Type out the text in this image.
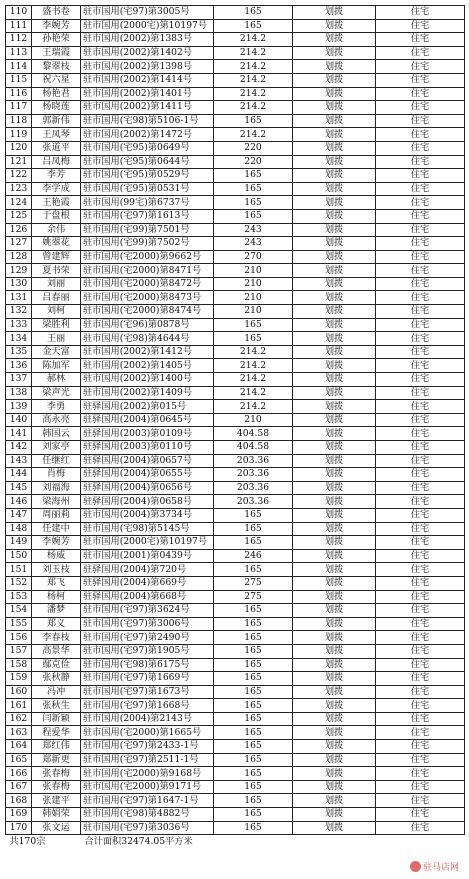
110	盛书卷	驻市国用(宅97)第3005号	165	划拨	住宅
111	李婉芳	驻市国用(2000宅)第10197号	165	划拨	住宅
112	孙艳荣	驻市国用(2002)第1383号	214.2	划拨	住宅
113	王瑞霞	驻市国用(2002)第1402号	214.2	划拨	住宅
114	黎翠枝	驻市国用(2002)第1398号	214.2	划拨	住宅
115	祝六星	驻市国用(2002)第1414号	214.2	划拨	住宅
116	杨艳君	驻市国用(2002)第1401号	214.2	划拨	住宅
117	杨晓莲	驻市国用(2002)第1411号	214.2	划拨	住宅
118	郭新伟	驻市国用(宅98)第5106-1号	165	划拨	住宅
119	王凤琴	驻市国用(2002)第1472号	214.2	划拨	住宅
120	张道平	驻市国用(宅95)第0649号	220	划拨	住宅
121	吕凤梅	驻市国用(宅95)第0644号	220	划拨	住宅
122	李芳	驻市国用(宅95)第0529号	165	划拨	住宅
123	李学成	驻市国用(宅95)第0531号	165	划拨	住宅
124	王艳霞	驻市国用(99宅)第6737号	165	划拨	住宅
125	于盘根	驻市国用(宅97)第1613号	165	划拨	住宅
126	余伟	驻市国用(宅99)第7501号	243	划拨	住宅
127	姚翠花	驻市国用(宅99)第7502号	243	划拨	住宅
128	曾建辉	驻市国用(宅2000)第9662号	270	划拨	住宅
129	夏书荣	驻市国用(宅2000)第8471号	210	划拨	住宅
130	刘丽	驻市国用(宅2000)第8472号	210	划拨	住宅
131	吕春丽	驻市国用(宅2000)第8473号	210	划拨	住宅
132	刘柯	驻市国用(宅2000)第8474号	210	划拨	住宅
133	梁胜利	驻市国用(宅96)第0878号	165	划拨	住宅
134	王丽	驻市国用(宅98)第4644号	165	划拨	住宅
135	金天富	驻市国用(2002)第1412号	214.2	划拨	住宅
136	陈加军	驻市国用(2002)第1405号	214.2	划拨	住宅
137	郝林	驻市国用(2002)第1400号	214.2	划拨	住宅
138	梁声光	驻市国用(2002)第1409号	214.2	划拨	住宅
139	李勇	驻驿国用(2002)第015号	214.2	划拨	住宅
140	高永亮	驻驿国用(2004)第0645号	210	划拨	住宅
141	韩国云	驻驿国用(2003)第0109号	404.58	划拨	住宅
142	刘家亭	驻驿国用(2003)第0110号	404.58	划拨	住宅
143	任继红	驻驿国用(2004)第0657号	203.36	划拨	住宅
144	肖梅	驻驿国用(2004)第0655号	203.36	划拨	住宅
145	刘福海	驻驿国用(2004)第0656号	203.36	划拨	住宅
146	梁海州	驻驿国用(2004)第0658号	203.36	划拨	住宅
147	周丽莉	驻市国用(2004)第3734号	165	划拨	住宅
148	任建中	驻市国用(宅98)第5145号	165	划拨	住宅
149	李婉芳	驻市国用(2000宅)第10197号	165	划拨	住宅
150	杨威	驻市国用(2001)第0439号	246	划拨	住宅
151	刘玉枝	驻驿国用(2004)第720号	165	划拨	住宅
152	郑飞	驻驿国用(2004)第669号	275	划拨	住宅
153	杨柯	驻驿国用(2004)第668号	275	划拨	住宅
154	潘梦	驻市国用(宅97)第3624号	165	划拨	住宅
155	郑义	驻市国用(宅97)第3006号	165	划拨	住宅
156	李春枝	驻市国用(宅97)第2490号	165	划拨	住宅
157	高景华	驻市国用(宅97)第1905号	165	划拨	住宅
158	鄢克俭	驻市国用(宅98)第6175号	165	划拨	住宅
159	张秋静	驻市国用(宅97)第1669号	165	划拨	住宅
160	冯冲	驻市国用(宅97)第1673号	165	划拨	住宅
161	张秋生	驻市国用(宅97)第1668号	165	划拨	住宅
162	闫新颖	驻市国用(2004)第2143号	165	划拨	住宅
163	程爱华	驻市国用(宅2000)第1665号	165	划拨	住宅
164	郑红伟	驻市国用(宅97)第2433-1号	165	划拨	住宅
165	郑新更	驻市国用(宅97)第2511-1号	165	划拨	住宅
166	张春梅	驻市国用(宅2000)第9168号	165	划拨	住宅
167	张春梅	驻市国用(宅2000)第9171号	165	划拨	住宅
168	张建平	驻市国用(宅97)第1647-1号	165	划拨	住宅
169	韩娟荣	驻市国用(宅98)第4882号	165	划拨	住宅
170	张文运	驻市国用(宅97)第3036号	165	划拨	住宅
共170宗		合计面积32474.05平方米			
驻马店网
